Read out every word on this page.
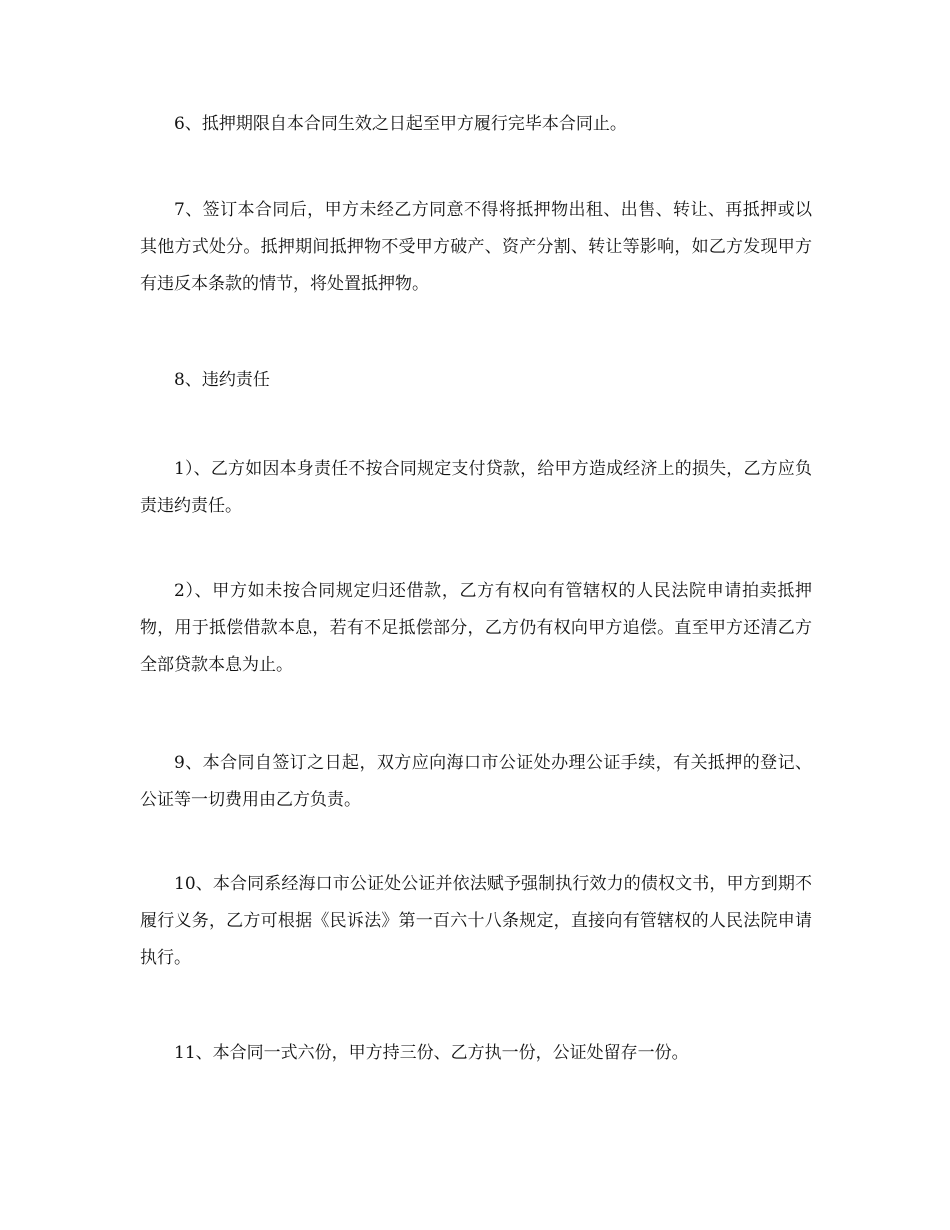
6、抵押期限自本合同生效之日起至甲方履行完毕本合同止。

7、签订本合同后，甲方未经乙方同意不得将抵押物出租、出售、转让、再抵押或以其他方式处分。抵押期间抵押物不受甲方破产、资产分割、转让等影响，如乙方发现甲方有违反本条款的情节，将处置抵押物。

8、违约责任

1）、乙方如因本身责任不按合同规定支付贷款，给甲方造成经济上的损失，乙方应负责违约责任。

2）、甲方如未按合同规定归还借款，乙方有权向有管辖权的人民法院申请拍卖抵押物，用于抵偿借款本息，若有不足抵偿部分，乙方仍有权向甲方追偿。直至甲方还清乙方全部贷款本息为止。

9、本合同自签订之日起，双方应向海口市公证处办理公证手续，有关抵押的登记、公证等一切费用由乙方负责。

10、本合同系经海口市公证处公证并依法赋予强制执行效力的债权文书，甲方到期不履行义务，乙方可根据《民诉法》第一百六十八条规定，直接向有管辖权的人民法院申请执行。

11、本合同一式六份，甲方持三份、乙方执一份，公证处留存一份。
